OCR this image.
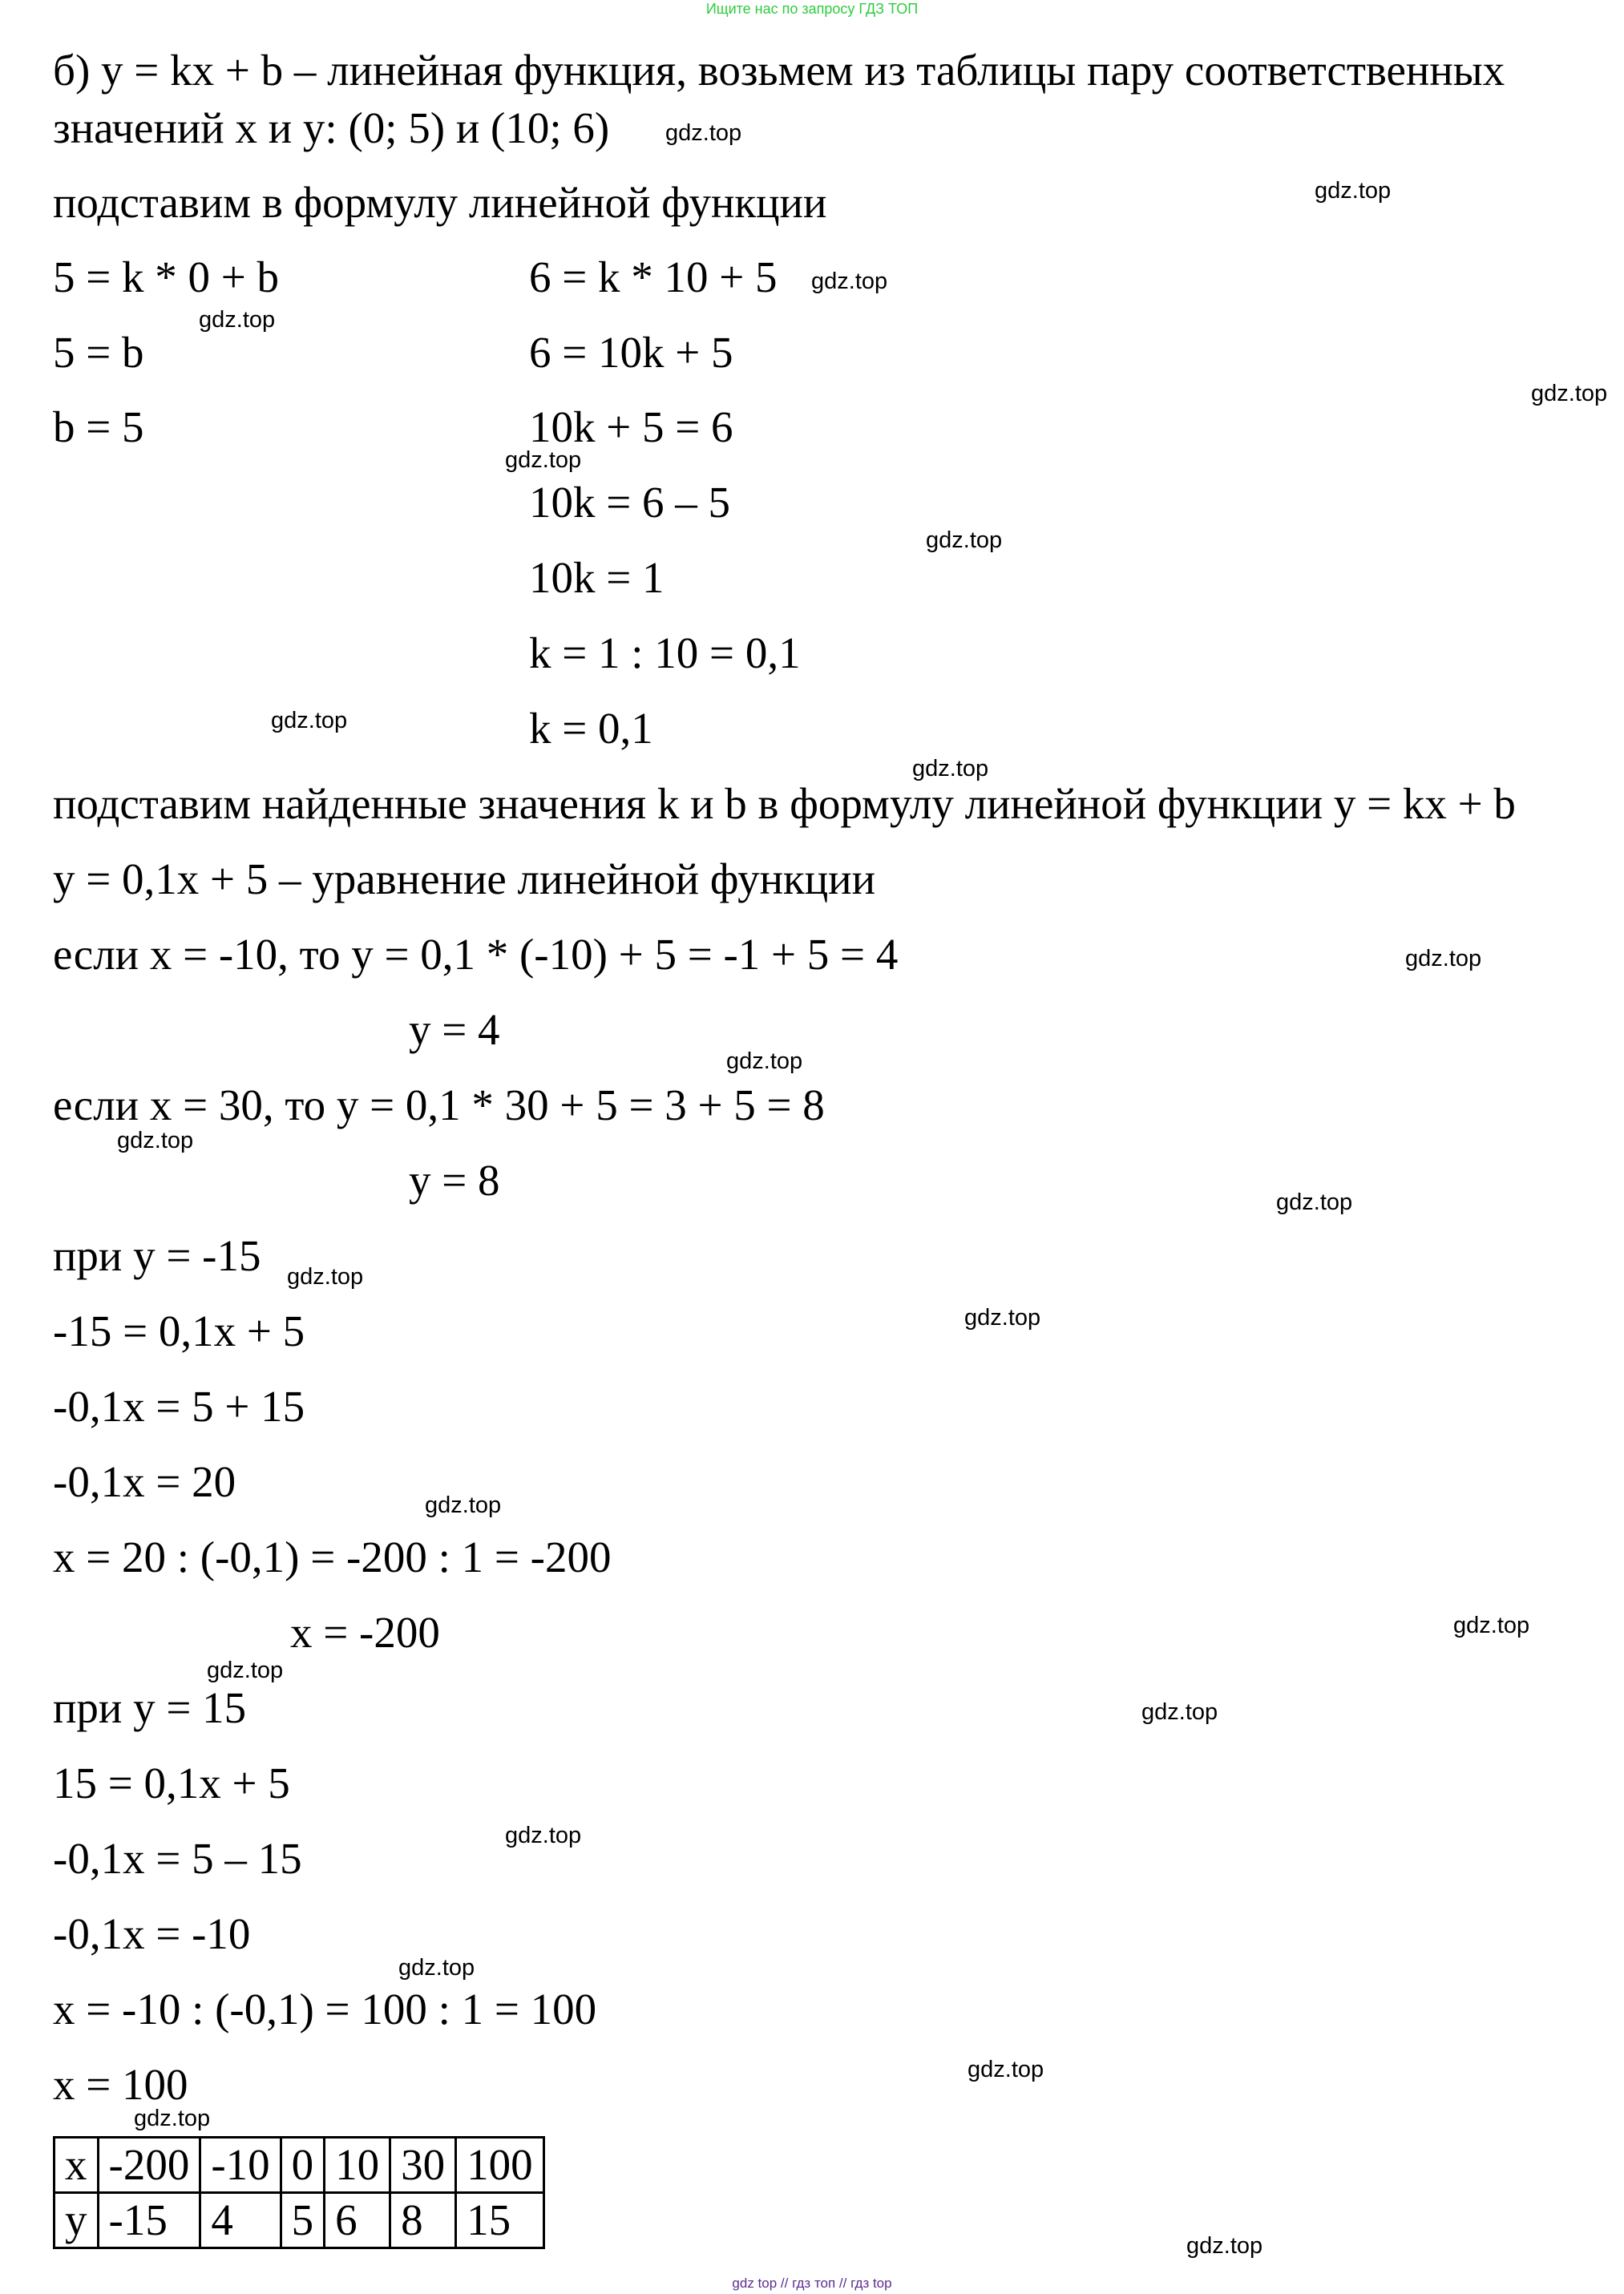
Ищите нас по запросу ГДЗ ТОП
б) y = kx + b – линейная функция, возьмем из таблицы пару соответственных
значений x и y: (0; 5) и (10; 6)
подставим в формулу линейной функции
5 = k * 0 + b	6 = k * 10 + 5
5 = b	6 = 10k + 5
b = 5	10k + 5 = 6
10k = 6 – 5
10k = 1
k = 1 : 10 = 0,1
k = 0,1
подставим найденные значения k и b в формулу линейной функции y = kx + b
y = 0,1x + 5 – уравнение линейной функции
если x = -10, то y = 0,1 * (-10) + 5 = -1 + 5 = 4
y = 4
если x = 30, то y = 0,1 * 30 + 5 = 3 + 5 = 8
y = 8
при y = -15
-15 = 0,1x + 5
-0,1x = 5 + 15
-0,1x = 20
x = 20 : (-0,1) = -200 : 1 = -200
x = -200
при y = 15
15 = 0,1x + 5
-0,1x = 5 – 15
-0,1x = -10
x = -10 : (-0,1) = 100 : 1 = 100
x = 100
x	-200	-10	0	10	30	100
y	-15	4	5	6	8	15
gdz.top
gdz.top
gdz.top
gdz.top
gdz.top
gdz.top
gdz.top
gdz.top
gdz.top
gdz.top
gdz.top
gdz.top
gdz.top
gdz.top
gdz.top
gdz.top
gdz.top
gdz.top
gdz.top
gdz.top
gdz.top
gdz.top
gdz.top
gdz.top
gdz top // гдз топ // гдз top
